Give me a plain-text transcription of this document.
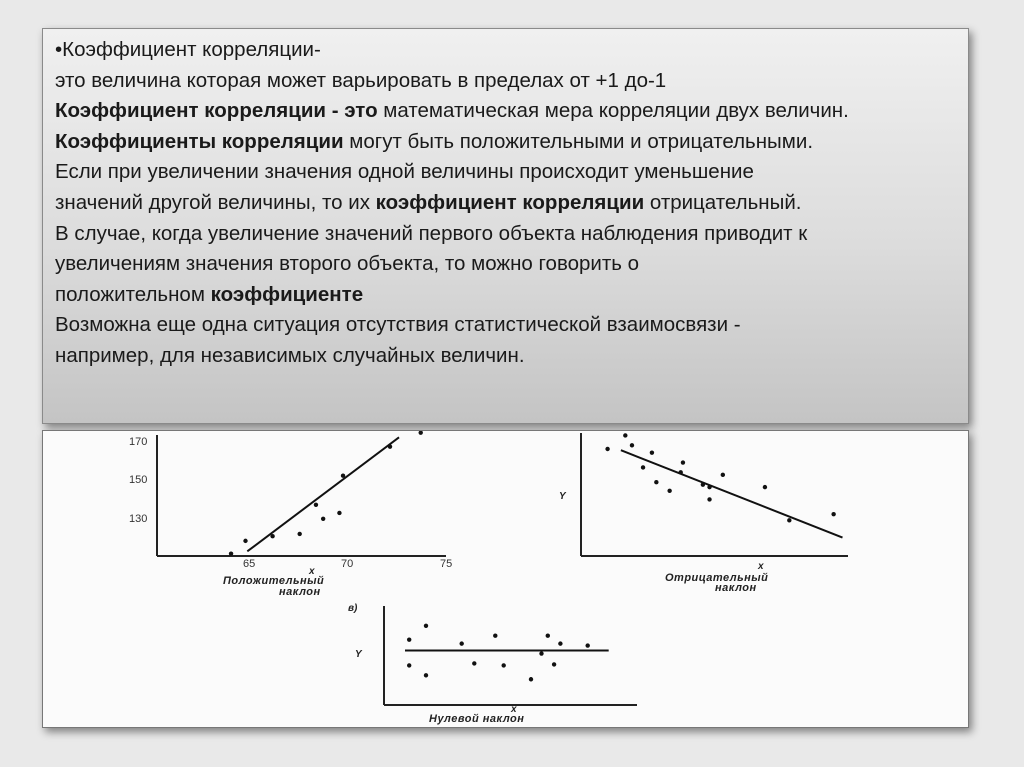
•Коэффициент корреляции-

это величина которая может варьировать в пределах от +1 до-1

Коэффициент корреляции - это математическая мера корреляции двух величин.

Коэффициенты корреляции могут быть положительными и отрицательными.

Если при увеличении значения одной величины происходит уменьшение

значений другой величины, то их коэффициент корреляции отрицательный.

В случае, когда увеличение значений первого объекта наблюдения приводит к

увеличениям значения второго объекта, то можно говорить о

положительном коэффициенте

Возможна еще одна ситуация отсутствия статистической взаимосвязи -

например, для независимых случайных величин.

170
150
130
65	70	75
x
Положительный
наклон
Y
x
Отрицательный
наклон
в)
Y
x
Нулевой наклон
